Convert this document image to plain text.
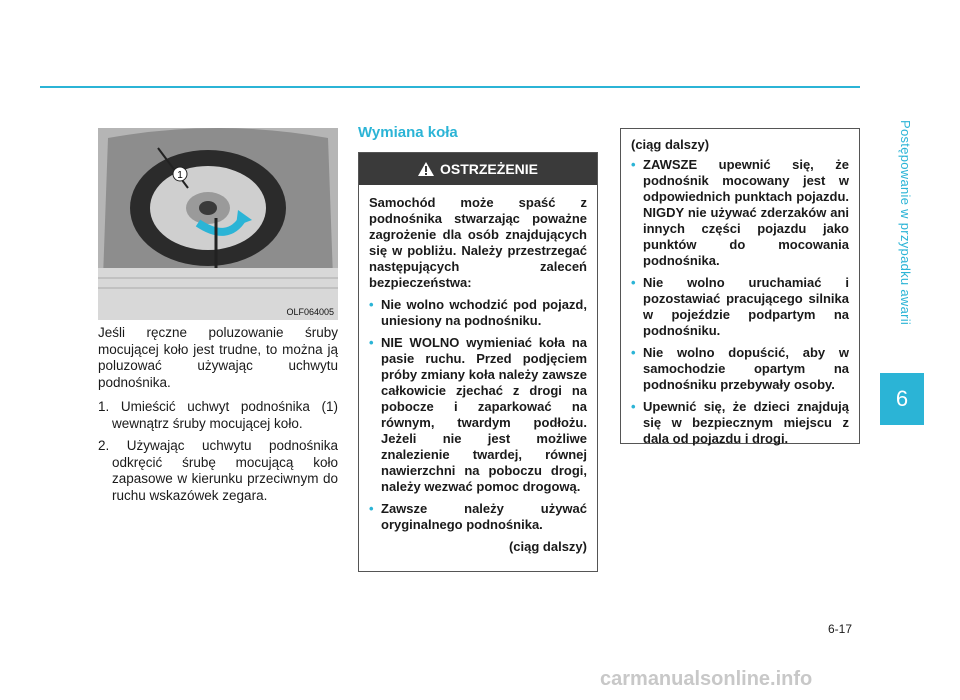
Postępowanie w przypadku awarii
6
1
OLF064005

Jeśli ręczne poluzowanie śruby mocującej koło jest trudne, to można ją poluzować używając uchwytu podnośnika.

1. Umieścić uchwyt podnośnika (1) wewnątrz śruby mocującej koło.
2. Używając uchwytu podnośnika odkręcić śrubę mocującą koło zapasowe w kierunku przeciwnym do ruchu wskazówek zegara.
Wymiana koła
OSTRZEŻENIE

Samochód może spaść z podnośnika stwarzając poważne zagrożenie dla osób znajdujących się w pobliżu. Należy przestrzegać następujących zaleceń bezpieczeństwa:

• Nie wolno wchodzić pod pojazd, uniesiony na podnośniku.
• NIE WOLNO wymieniać koła na pasie ruchu. Przed podjęciem próby zmiany koła należy zawsze całkowicie zjechać z drogi na pobocze i zaparkować na równym, twardym podłożu. Jeżeli nie jest możliwe znalezienie twardej, równej nawierzchni na poboczu drogi, należy wezwać pomoc drogową.
• Zawsze należy używać oryginalnego podnośnika.

(ciąg dalszy)

(ciąg dalszy)

• ZAWSZE upewnić się, że podnośnik mocowany jest w odpowiednich punktach pojazdu. NIGDY nie używać zderzaków ani innych części pojazdu jako punktów do mocowania podnośnika.
• Nie wolno uruchamiać i pozostawiać pracującego silnika w pojeździe podpartym na podnośniku.
• Nie wolno dopuścić, aby w samochodzie opartym na podnośniku przebywały osoby.
• Upewnić się, że dzieci znajdują się w bezpiecznym miejscu z dala od pojazdu i drogi.
6-17
carmanualsonline.info
